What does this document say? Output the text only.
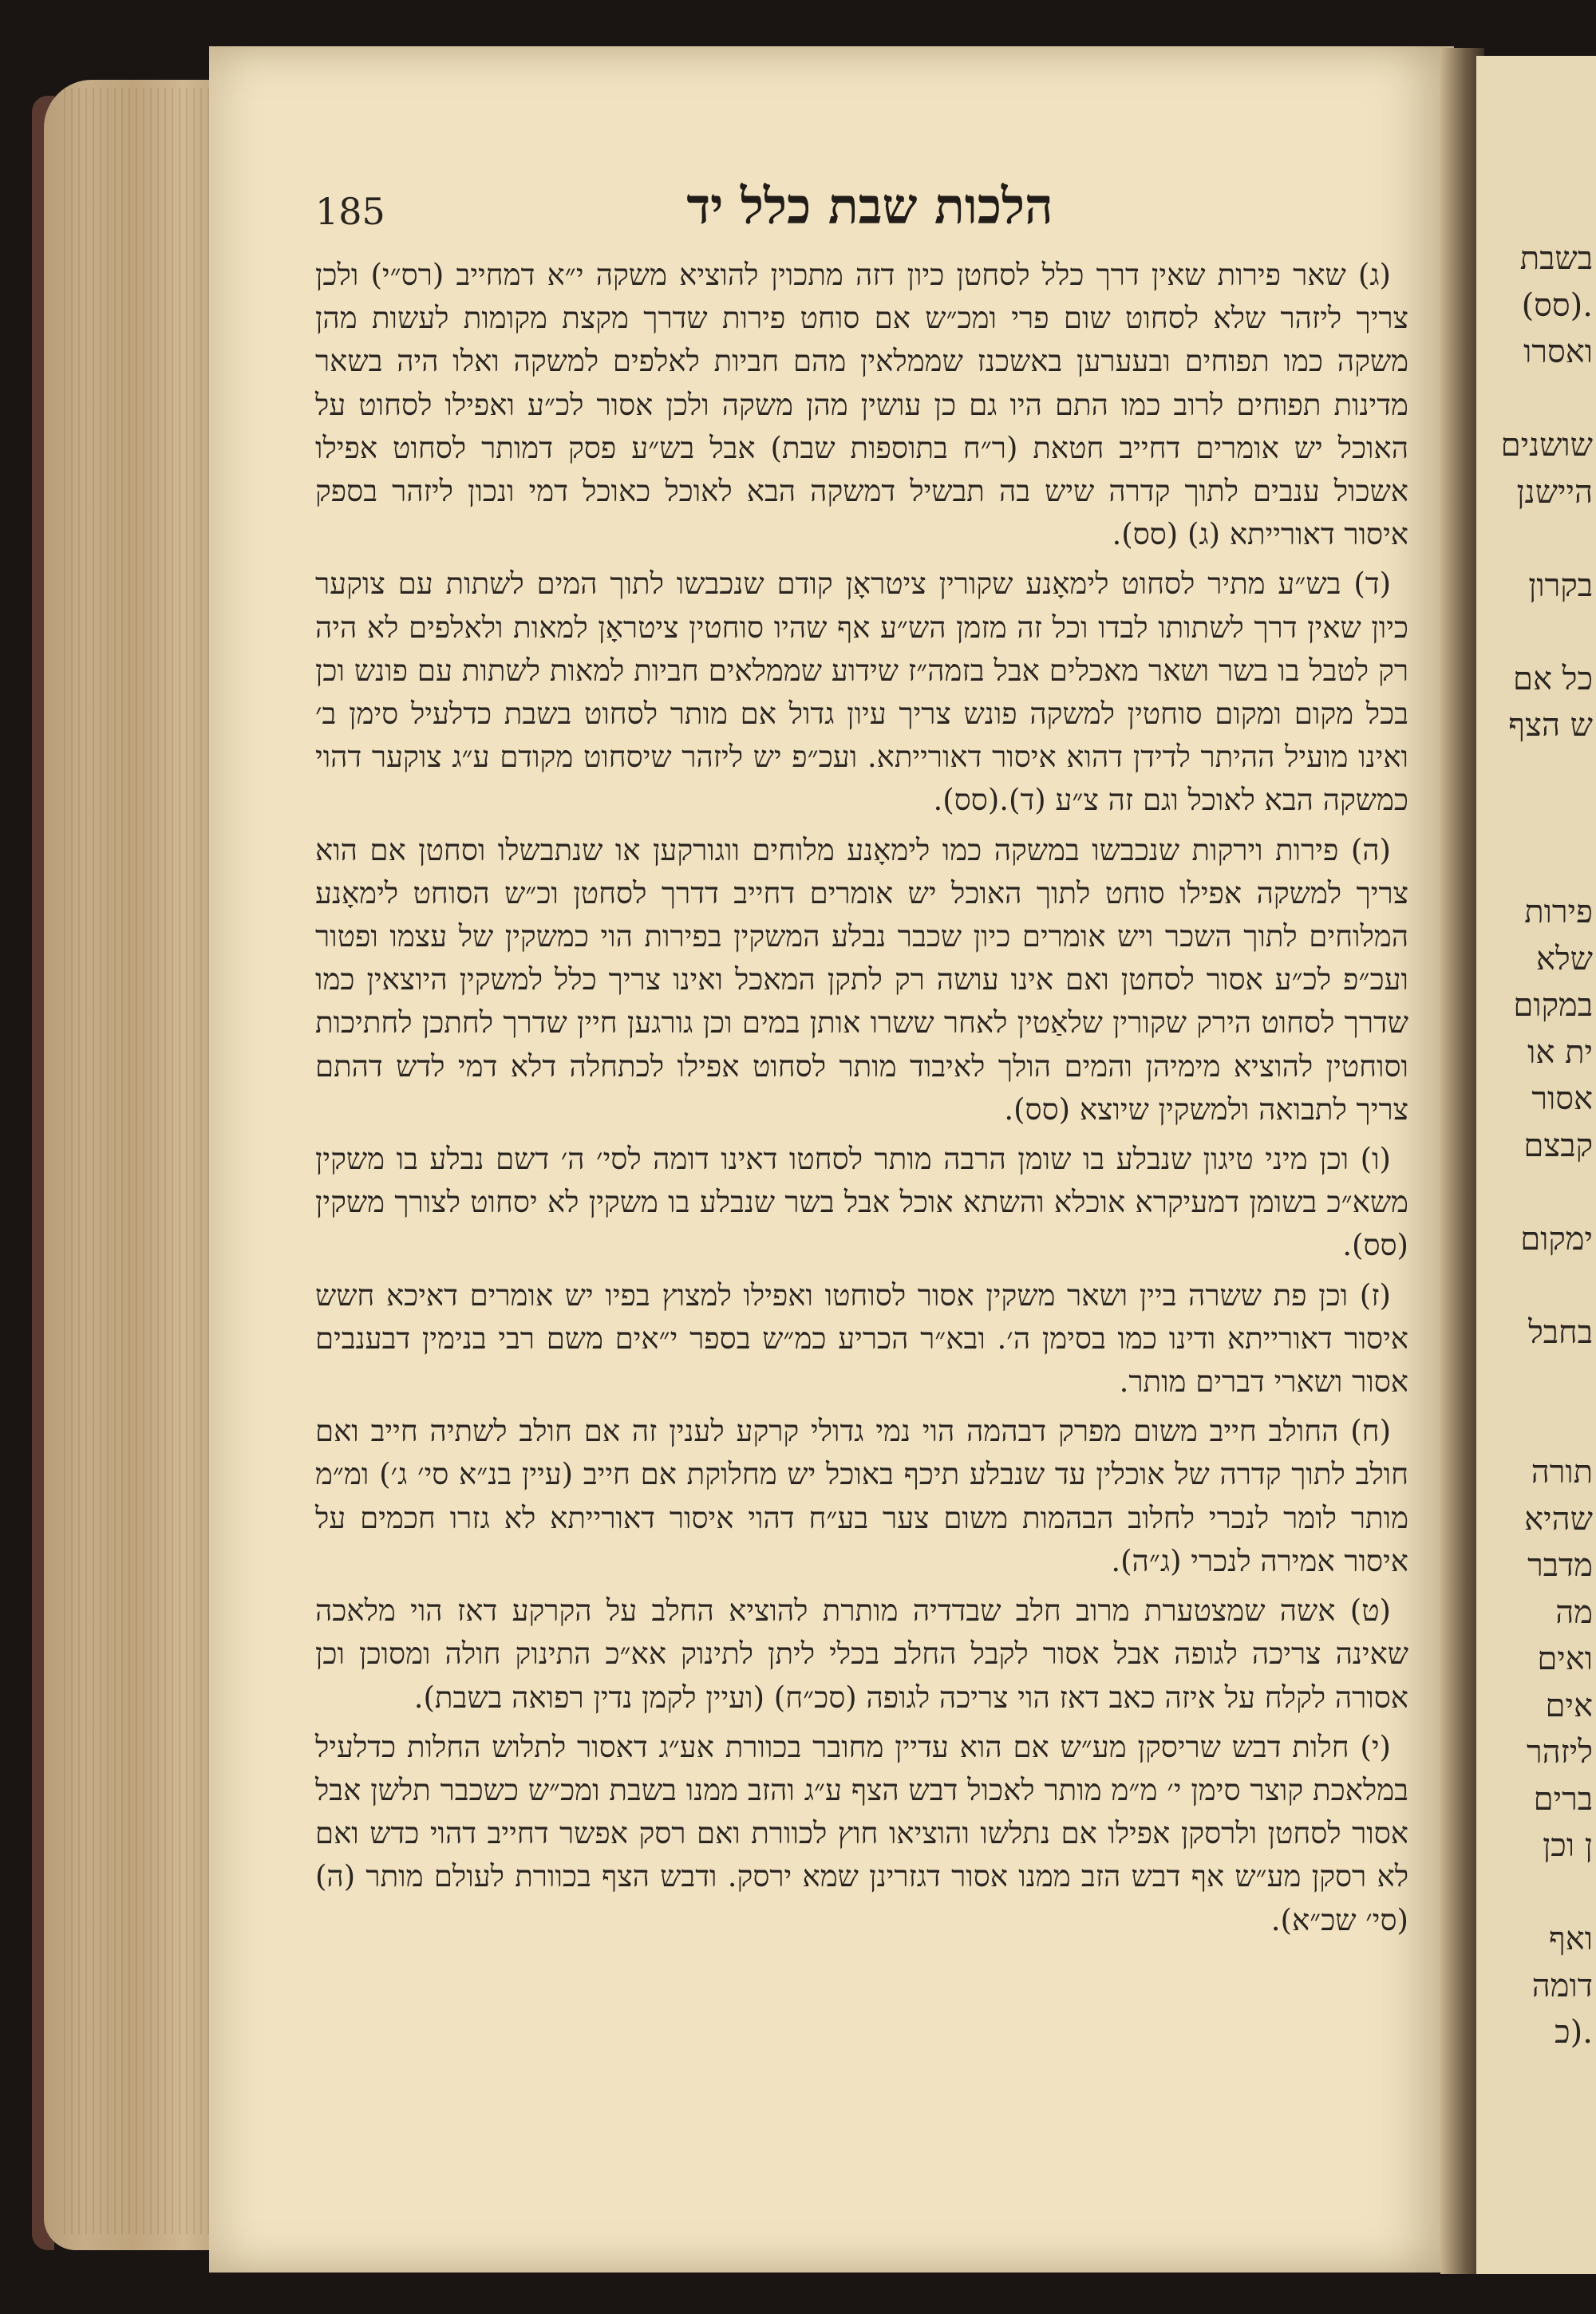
בשבת
.(סס)
ואסרו
שושנים
היישנן
בקרון
כל אם
ש הצף
פירות
שלא
במקום
ית או
אסור
קבצם
ימקום
בחבל
תורה
שהיא
מדבר
מה
ואים
אים
ליזהר
ברים
ן וכן
ואף
דומה
.(כ
185	הלכות שבת כלל יד

(ג) שאר פירות שאין דרך כלל לסחטן כיון דזה מתכוין להוציא משקה י״א דמחייב (רס״י) ולכן צריך ליזהר שלא לסחוט שום פרי ומכ״ש אם סוחט פירות שדרך מקצת מקומות לעשות מהן משקה כמו תפוחים ובעערען באשכנז שממלאין מהם חביות לאלפים למשקה ואלו היה בשאר מדינות תפוחים לרוב כמו התם היו גם כן עושין מהן משקה ולכן אסור לכ״ע ואפילו לסחוט על האוכל יש אומרים דחייב חטאת (ר״ח בתוספות שבת) אבל בש״ע פסק דמותר לסחוט אפילו אשכול ענבים לתוך קדרה שיש בה תבשיל דמשקה הבא לאוכל כאוכל דמי ונכון ליזהר בספק איסור דאורייתא (ג) (סס).

(ד) בש״ע מתיר לסחוט לימאָנע שקורין ציטראָן קודם שנכבשו לתוך המים לשתות עם צוקער כיון שאין דרך לשתותו לבדו וכל זה מזמן הש״ע אף שהיו סוחטין ציטראָן למאות ולאלפים לא היה רק לטבל בו בשר ושאר מאכלים אבל בזמה״ז שידוע שממלאים חביות למאות לשתות עם פונש וכן בכל מקום ומקום סוחטין למשקה פונש צריך עיון גדול אם מותר לסחוט בשבת כדלעיל סימן ב׳ ואינו מועיל ההיתר לדידן דהוא איסור דאורייתא. ועכ״פ יש ליזהר שיסחוט מקודם ע״ג צוקער דהוי כמשקה הבא לאוכל וגם זה צ״ע (ד).(סס).

(ה) פירות וירקות שנכבשו במשקה כמו לימאָנע מלוחים ווגורקען או שנתבשלו וסחטן אם הוא צריך למשקה אפילו סוחט לתוך האוכל יש אומרים דחייב דדרך לסחטן וכ״ש הסוחט לימאָנע המלוחים לתוך השכר ויש אומרים כיון שכבר נבלע המשקין בפירות הוי כמשקין של עצמו ופטור ועכ״פ לכ״ע אסור לסחטן ואם אינו עושה רק לתקן המאכל ואינו צריך כלל למשקין היוצאין כמו שדרך לסחוט הירק שקורין שלאַטין לאחר ששרו אותן במים וכן גורגען חיין שדרך לחתכן לחתיכות וסוחטין להוציא מימיהן והמים הולך לאיבוד מותר לסחוט אפילו לכתחלה דלא דמי לדש דהתם צריך לתבואה ולמשקין שיוצא (סס).

(ו) וכן מיני טיגון שנבלע בו שומן הרבה מותר לסחטו דאינו דומה לסי׳ ה׳ דשם נבלע בו משקין משא״כ בשומן דמעיקרא אוכלא והשתא אוכל אבל בשר שנבלע בו משקין לא יסחוט לצורך משקין (סס).

(ז) וכן פת ששרה ביין ושאר משקין אסור לסוחטו ואפילו למצוץ בפיו יש אומרים דאיכא חשש איסור דאורייתא ודינו כמו בסימן ה׳. ובא״ר הכריע כמ״ש בספר י״אים משם רבי בנימין דבענבים אסור ושארי דברים מותר.

(ח) החולב חייב משום מפרק דבהמה הוי נמי גדולי קרקע לענין זה אם חולב לשתיה חייב ואם חולב לתוך קדרה של אוכלין עד שנבלע תיכף באוכל יש מחלוקת אם חייב (עיין בנ״א סי׳ ג׳) ומ״מ מותר לומר לנכרי לחלוב הבהמות משום צער בע״ח דהוי איסור דאורייתא לא גזרו חכמים על איסור אמירה לנכרי (ג״ה).

(ט) אשה שמצטערת מרוב חלב שבדדיה מותרת להוציא החלב על הקרקע דאז הוי מלאכה שאינה צריכה לגופה אבל אסור לקבל החלב בכלי ליתן לתינוק אא״כ התינוק חולה ומסוכן וכן אסורה לקלח על איזה כאב דאז הוי צריכה לגופה (סכ״ח) (ועיין לקמן נדין רפואה בשבת).

(י) חלות דבש שריסקן מע״ש אם הוא עדיין מחובר בכוורת אע״ג דאסור לתלוש החלות כדלעיל במלאכת קוצר סימן י׳ מ״מ מותר לאכול דבש הצף ע״ג והזב ממנו בשבת ומכ״ש כשכבר תלשן אבל אסור לסחטן ולרסקן אפילו אם נתלשו והוציאו חוץ לכוורת ואם רסק אפשר דחייב דהוי כדש ואם לא רסקן מע״ש אף דבש הזב ממנו אסור דגזרינן שמא ירסק. ודבש הצף בכוורת לעולם מותר (ה) (סי׳ שכ״א).
